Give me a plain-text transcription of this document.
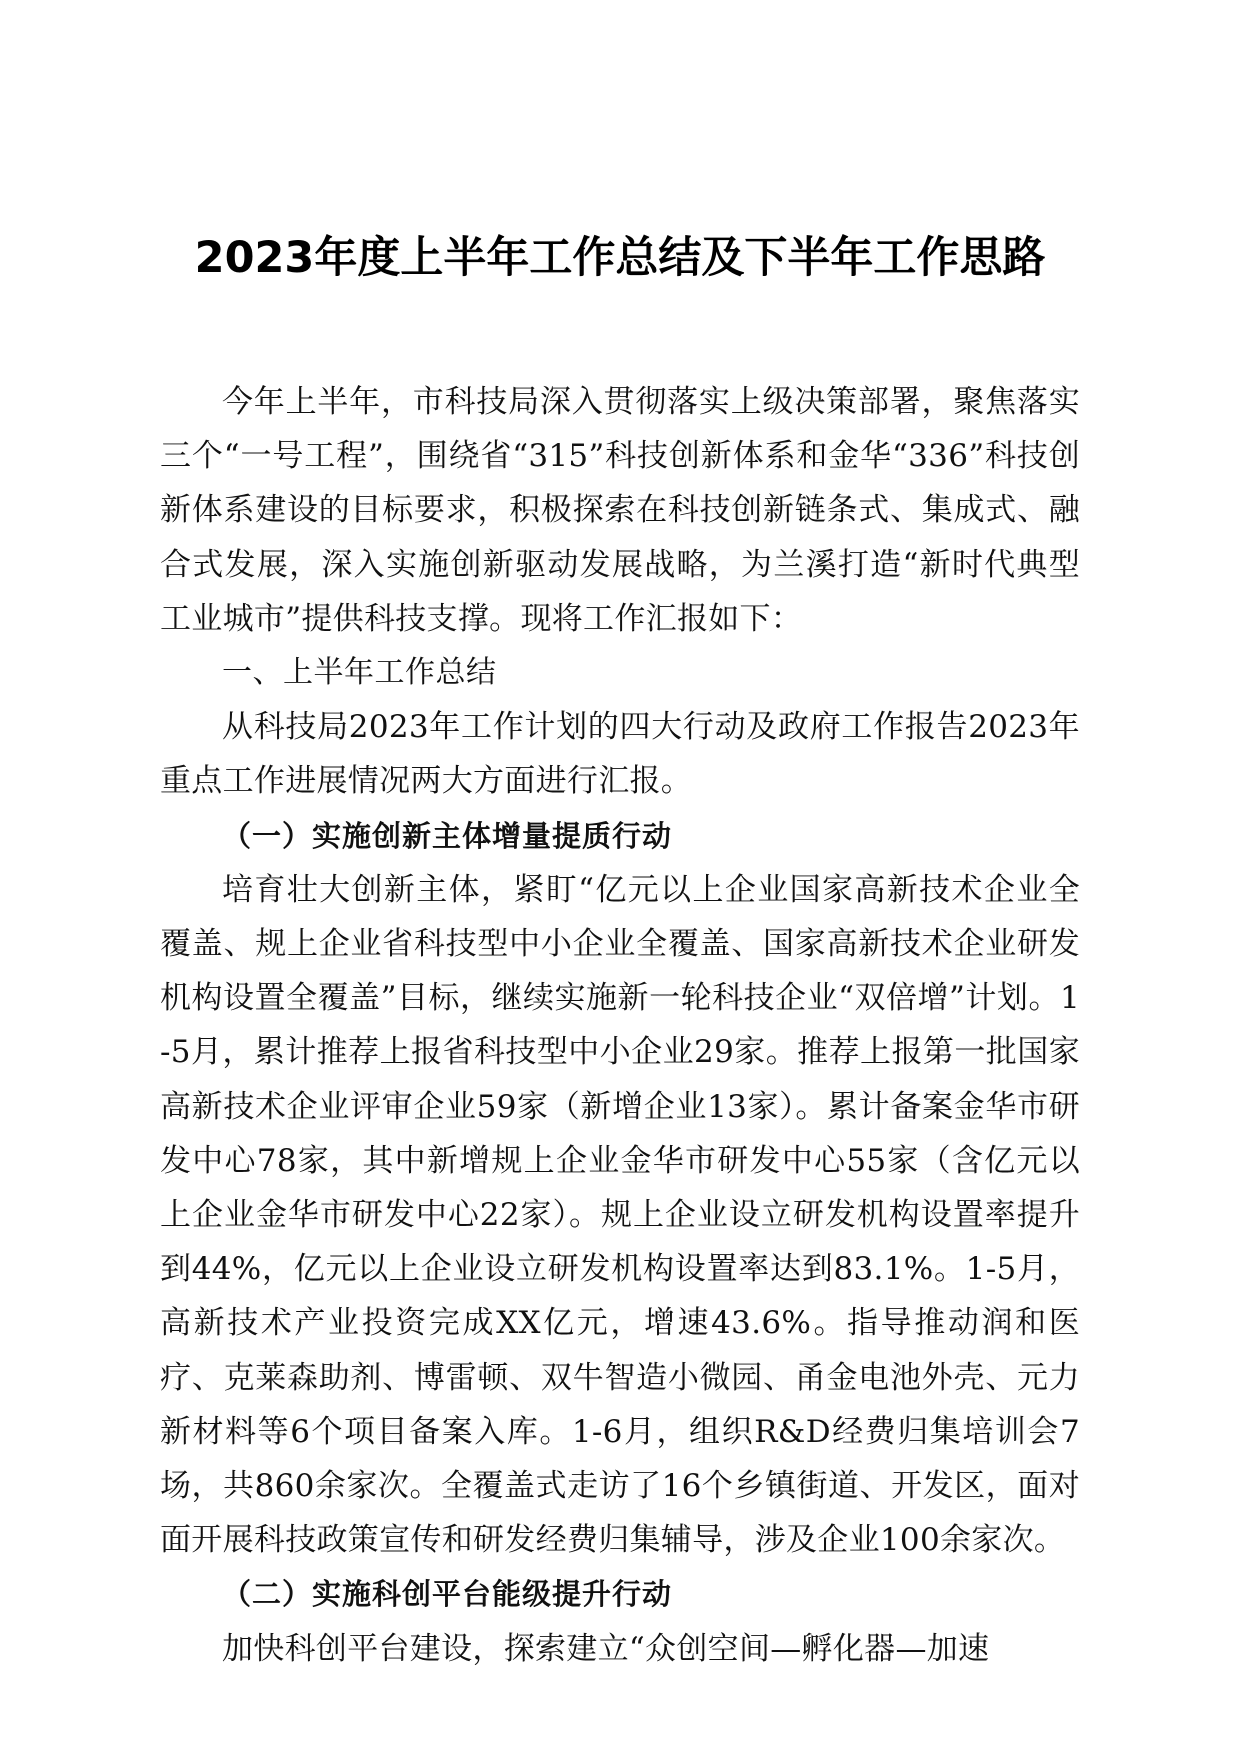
2023年度上半年工作总结及下半年工作思路

今年上半年，市科技局深入贯彻落实上级决策部署，聚焦落实三个“一号工程”，围绕省“315”科技创新体系和金华“336”科技创新体系建设的目标要求，积极探索在科技创新链条式、集成式、融合式发展，深入实施创新驱动发展战略，为兰溪打造“新时代典型工业城市”提供科技支撑。现将工作汇报如下：

一、上半年工作总结

从科技局2023年工作计划的四大行动及政府工作报告2023年重点工作进展情况两大方面进行汇报。

（一）实施创新主体增量提质行动

培育壮大创新主体，紧盯“亿元以上企业国家高新技术企业全覆盖、规上企业省科技型中小企业全覆盖、国家高新技术企业研发机构设置全覆盖”目标，继续实施新一轮科技企业“双倍增”计划。1-5月，累计推荐上报省科技型中小企业29家。推荐上报第一批国家高新技术企业评审企业59家（新增企业13家）。累计备案金华市研发中心78家，其中新增规上企业金华市研发中心55家（含亿元以上企业金华市研发中心22家）。规上企业设立研发机构设置率提升到44%，亿元以上企业设立研发机构设置率达到83.1%。1-5月，高新技术产业投资完成XX亿元，增速43.6%。指导推动润和医疗、克莱森助剂、博雷顿、双牛智造小微园、甬金电池外壳、元力新材料等6个项目备案入库。1-6月，组织R&D经费归集培训会7场，共860余家次。全覆盖式走访了16个乡镇街道、开发区，面对面开展科技政策宣传和研发经费归集辅导，涉及企业100余家次。

（二）实施科创平台能级提升行动

加快科创平台建设，探索建立“众创空间—孵化器—加速
